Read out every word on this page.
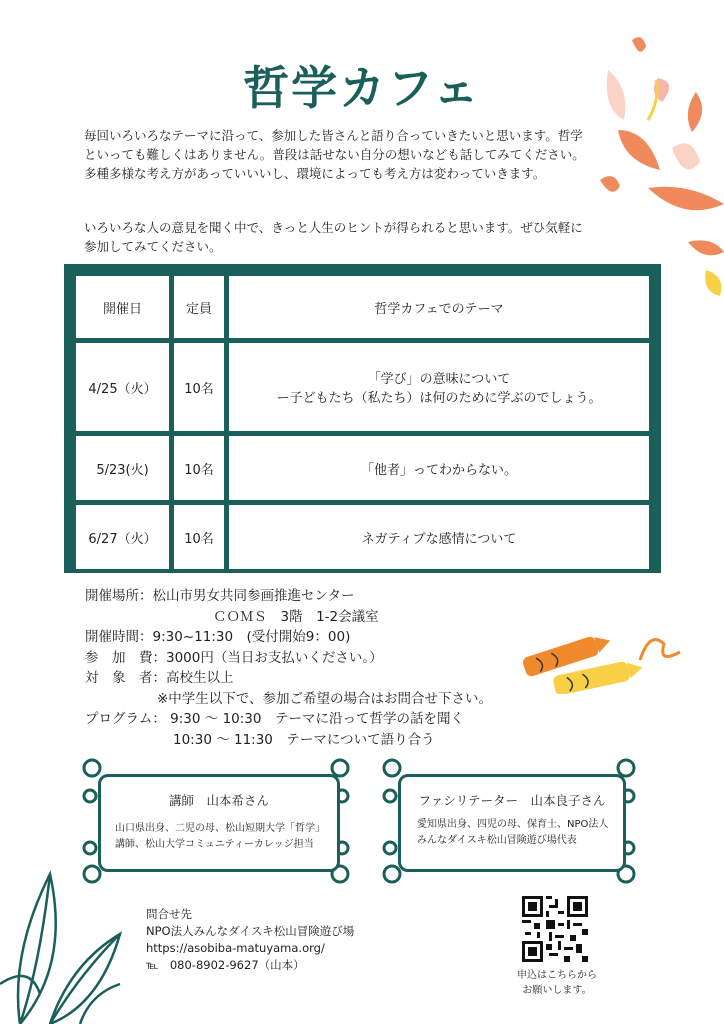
哲学カフェ

毎回いろいろなテーマに沿って、参加した皆さんと語り合っていきたいと思います。哲学といっても難しくはありません。普段は話せない自分の想いなども話してみてください。多種多様な考え方があっていいいし、環境によっても考え方は変わっていきます。

いろいろな人の意見を聞く中で、きっと人生のヒントが得られると思います。ぜひ気軽に参加してみてください。

開催日	定員	哲学カフェでのテーマ
4/25（火）	10名	「学び」の意味について
ー子どもたち（私たち）は何のために学ぶのでしょう。

5/23(火)	10名	「他者」ってわからない。
6/27（火）	10名	ネガティブな感情について
開催場所：松山市男女共同参画推進センター
ＣＯＭＳ　3階　1-2会議室
開催時間：9:30~11:30　(受付開始9：00)
参　加　費：3000円（当日お支払いください。）
対　象　者：高校生以上
※中学生以下で、参加ご希望の場合はお問合せ下さい。
プログラム： 9:30 ～ 10:30　テーマに沿って哲学の話を聞く
10:30 ～ 11:30　テーマについて語り合う
講師　山本希さん

山口県出身、二児の母、松山短期大学「哲学」講師、松山大学コミュニティーカレッジ担当

ファシリテーター　山本良子さん

愛知県出身、四児の母、保育士、NPO法人みんなダイスキ松山冒険遊び場代表

問合せ先
NPO法人みんなダイスキ松山冒険遊び場
https://asobiba-matuyama.org/
℡　080-8902-9627（山本）
申込はこちらから
お願いします。
